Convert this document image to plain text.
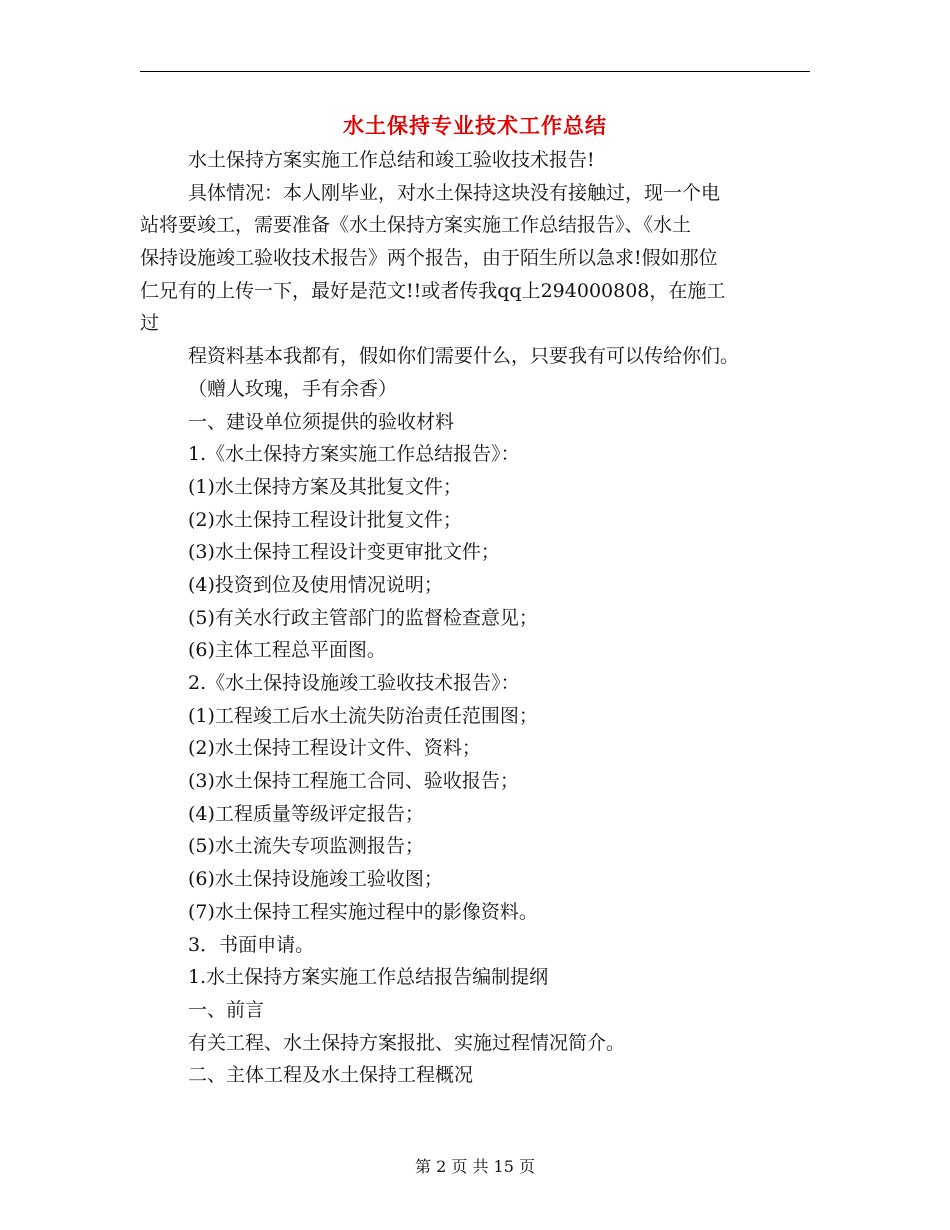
水土保持专业技术工作总结
水土保持方案实施工作总结和竣工验收技术报告!
具体情况：本人刚毕业，对水土保持这块没有接触过，现一个电
站将要竣工，需要准备《水土保持方案实施工作总结报告》、《水土
保持设施竣工验收技术报告》两个报告，由于陌生所以急求!假如那位
仁兄有的上传一下，最好是范文!!或者传我qq上294000808，在施工
过
程资料基本我都有，假如你们需要什么，只要我有可以传给你们。
（赠人玫瑰，手有余香）
一、建设单位须提供的验收材料
1.《水土保持方案实施工作总结报告》：
(1)水土保持方案及其批复文件；
(2)水土保持工程设计批复文件；
(3)水土保持工程设计变更审批文件；
(4)投资到位及使用情况说明；
(5)有关水行政主管部门的监督检查意见；
(6)主体工程总平面图。
2.《水土保持设施竣工验收技术报告》：
(1)工程竣工后水土流失防治责任范围图；
(2)水土保持工程设计文件、资料；
(3)水土保持工程施工合同、验收报告；
(4)工程质量等级评定报告；
(5)水土流失专项监测报告；
(6)水土保持设施竣工验收图；
(7)水土保持工程实施过程中的影像资料。
3．书面申请。
1.水土保持方案实施工作总结报告编制提纲
一、前言
有关工程、水土保持方案报批、实施过程情况简介。
二、主体工程及水土保持工程概况
第 2 页 共 15 页
